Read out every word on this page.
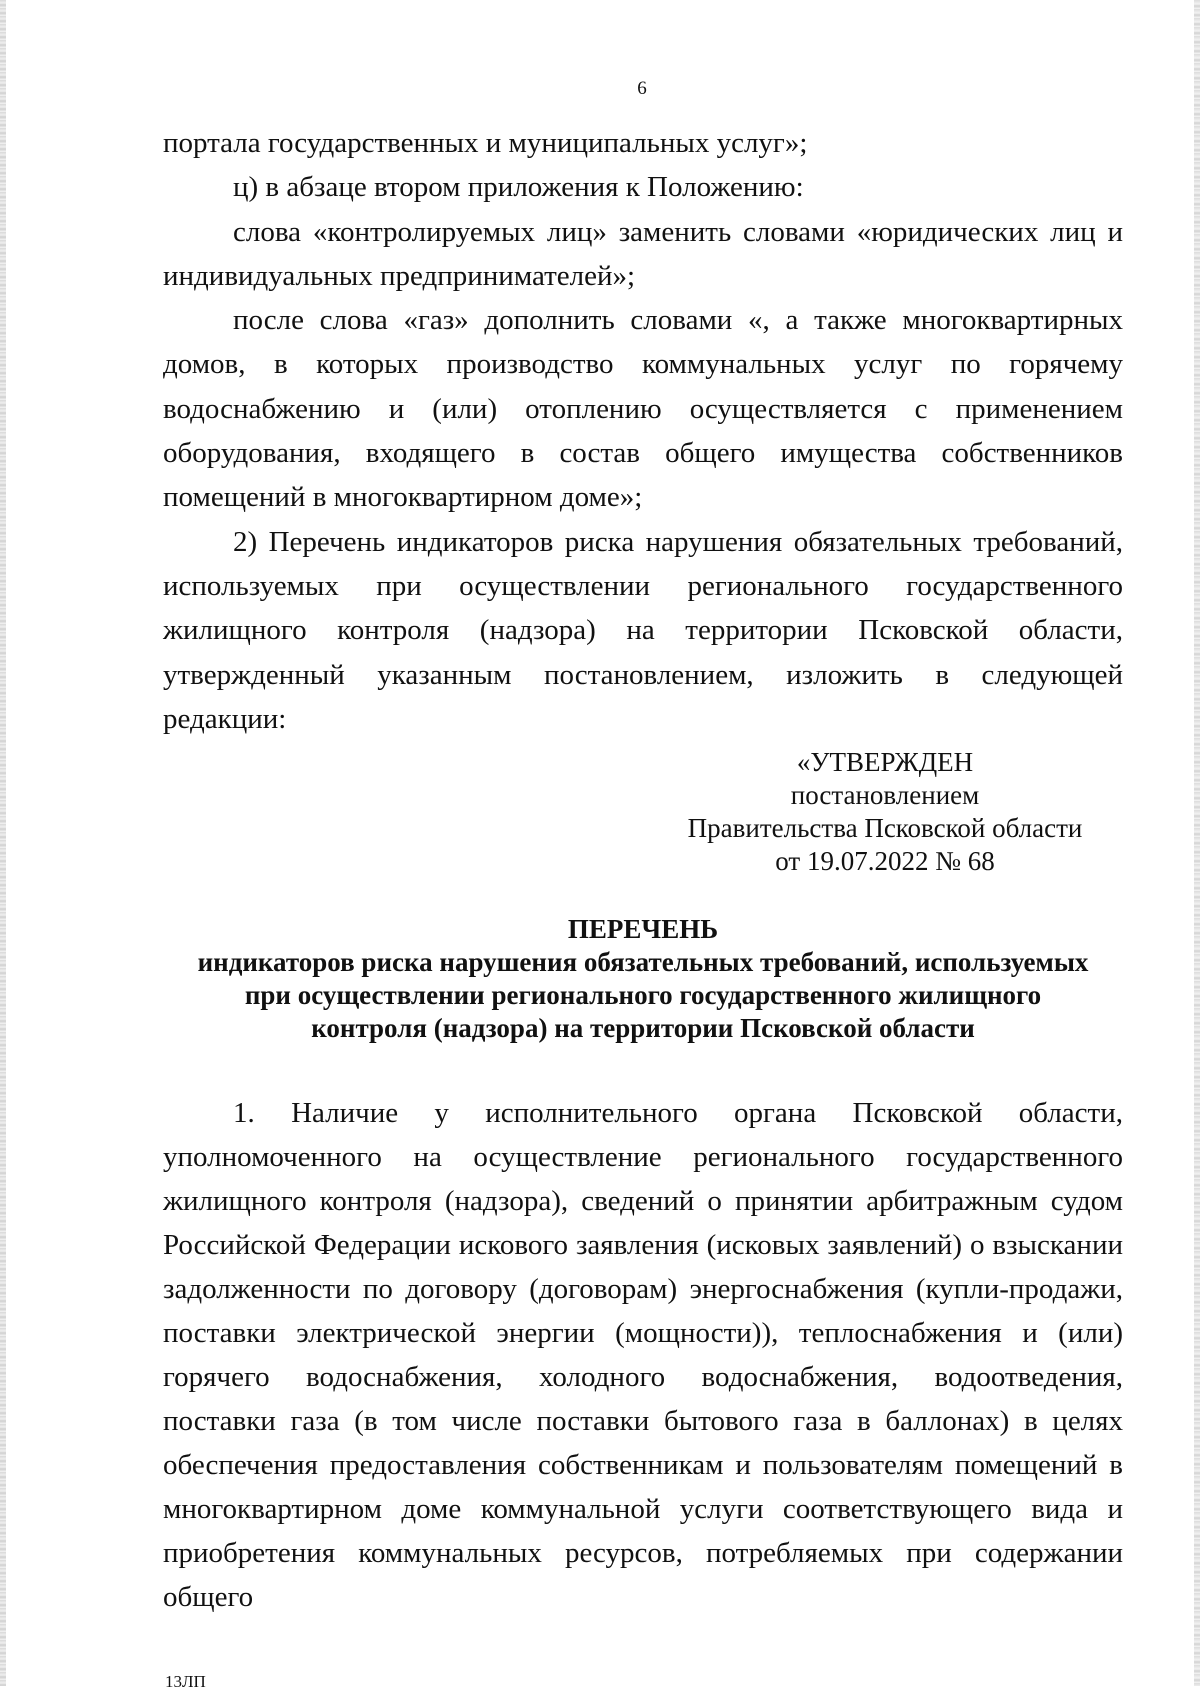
6

портала государственных и муниципальных услуг»;

ц) в абзаце втором приложения к Положению:

слова «контролируемых лиц» заменить словами «юридических лиц и индивидуальных предпринимателей»;

после слова «газ» дополнить словами «, а также многоквартирных домов, в которых производство коммунальных услуг по горячему водоснабжению и (или) отоплению осуществляется с применением оборудования, входящего в состав общего имущества собственников помещений в многоквартирном доме»;

2) Перечень индикаторов риска нарушения обязательных требований, используемых при осуществлении регионального государственного жилищного контроля (надзора) на территории Псковской области, утвержденный указанным постановлением, изложить в следующей редакции:

«УТВЕРЖДЕН
постановлением
Правительства Псковской области
от 19.07.2022 № 68
ПЕРЕЧЕНЬ
индикаторов риска нарушения обязательных требований, используемых
при осуществлении регионального государственного жилищного
контроля (надзора) на территории Псковской области

1. Наличие у исполнительного органа Псковской области, уполномоченного на осуществление регионального государственного жилищного контроля (надзора), сведений о принятии арбитражным судом Российской Федерации искового заявления (исковых заявлений) о взыскании задолженности по договору (договорам) энергоснабжения (купли-продажи, поставки электрической энергии (мощности)), теплоснабжения и (или) горячего водоснабжения, холодного водоснабжения, водоотведения, поставки газа (в том числе поставки бытового газа в баллонах) в целях обеспечения предоставления собственникам и пользователям помещений в многоквартирном доме коммунальной услуги соответствующего вида и приобретения коммунальных ресурсов, потребляемых при содержании общего

13ЛП
